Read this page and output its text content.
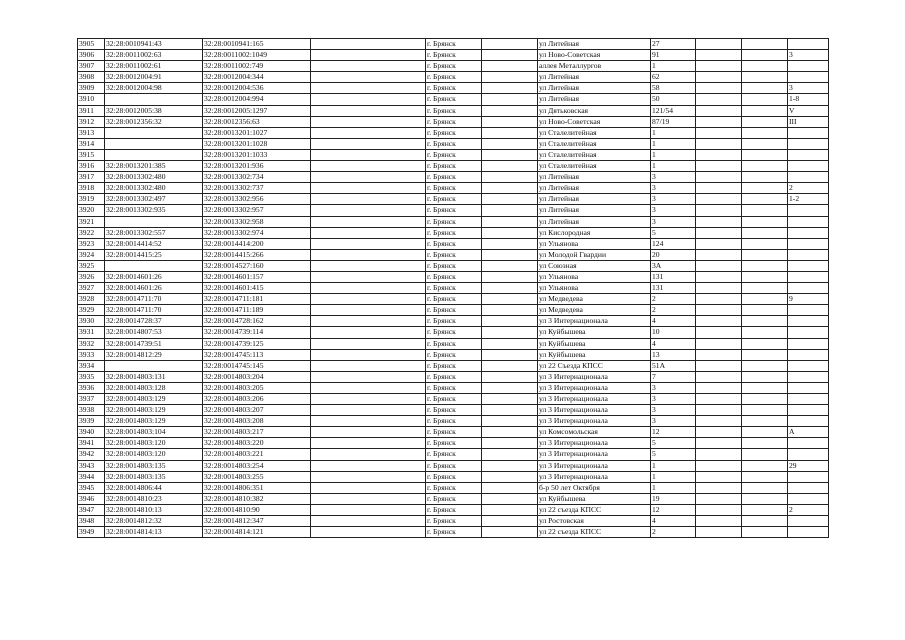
3905	32:28:0010941:43	32:28:0010941:165		г. Брянск		ул Литейная	27			
3906	32:28:0011002:63	32:28:0011002:1049		г. Брянск		ул Ново-Советская	91			3
3907	32:28:0011002:61	32:28:0011002:749		г. Брянск		аллея Металлургов	1			
3908	32:28:0012004:91	32:28:0012004:344		г. Брянск		ул Литейная	62			
3909	32:28:0012004:98	32:28:0012004:536		г. Брянск		ул Литейная	58			3
3910		32:28:0012004:994		г. Брянск		ул Литейная	50			1-8
3911	32:28:0012005:38	32:28:0012005:1297		г. Брянск		ул Дятьковская	121/54			V
3912	32:28:0012356:32	32:28:0012356:63		г. Брянск		ул Ново-Советская	87/19			III
3913		32:28:0013201:1027		г. Брянск		ул Сталелитейная	1			
3914		32:28:0013201:1028		г. Брянск		ул Сталелитейная	1			
3915		32:28:0013201:1033		г. Брянск		ул Сталелитейная	1			
3916	32:28:0013201:385	32:28:0013201:936		г. Брянск		ул Сталелитейная	1			
3917	32:28:0013302:480	32:28:0013302:734		г. Брянск		ул Литейная	3			
3918	32:28:0013302:480	32:28:0013302:737		г. Брянск		ул Литейная	3			2
3919	32:28:0013302:497	32:28:0013302:956		г. Брянск		ул Литейная	3			1-2
3920	32:28:0013302:935	32:28:0013302:957		г. Брянск		ул Литейная	3			
3921		32:28:0013302:958		г. Брянск		ул Литейная	3			
3922	32:28:0013302:557	32:28:0013302:974		г. Брянск		ул Кислородная	5			
3923	32:28:0014414:52	32:28:0014414:200		г. Брянск		ул Ульянова	124			
3924	32:28:0014415:25	32:28:0014415:266		г. Брянск		ул Молодой Гвардии	20			
3925		32:28:0014527:160		г. Брянск		ул Союзная	3А			
3926	32:28:0014601:26	32:28:0014601:157		г. Брянск		ул Ульянова	131			
3927	32:28:0014601:26	32:28:0014601:415		г. Брянск		ул Ульянова	131			
3928	32:28:0014711:70	32:28:0014711:181		г. Брянск		ул Медведева	2			9
3929	32:28:0014711:70	32:28:0014711:189		г. Брянск		ул Медведева	2			
3930	32:28:0014728:37	32:28:0014728:162		г. Брянск		ул 3 Интернационала	4			
3931	32:28:0014807:53	32:28:0014739:114		г. Брянск		ул Куйбышева	10			
3932	32:28:0014739:51	32:28:0014739:125		г. Брянск		ул Куйбышева	4			
3933	32:28:0014812:29	32:28:0014745:113		г. Брянск		ул Куйбышева	13			
3934		32:28:0014745:145		г. Брянск		ул 22 Съезда КПСС	51А			
3935	32:28:0014803:131	32:28:0014803:204		г. Брянск		ул 3 Интернационала	7			
3936	32:28:0014803:128	32:28:0014803:205		г. Брянск		ул 3 Интернационала	3			
3937	32:28:0014803:129	32:28:0014803:206		г. Брянск		ул 3 Интернационала	3			
3938	32:28:0014803:129	32:28:0014803:207		г. Брянск		ул 3 Интернационала	3			
3939	32:28:0014803:129	32:28:0014803:208		г. Брянск		ул 3 Интернационала	3			
3940	32:28:0014803:104	32:28:0014803:217		г. Брянск		ул Комсомольская	12			А
3941	32:28:0014803:120	32:28:0014803:220		г. Брянск		ул 3 Интернационала	5			
3942	32:28:0014803:120	32:28:0014803:221		г. Брянск		ул 3 Интернационала	5			
3943	32:28:0014803:135	32:28:0014803:254		г. Брянск		ул 3 Интернационала	1			29
3944	32:28:0014803:135	32:28:0014803:255		г. Брянск		ул 3 Интернационала	1			
3945	32:28:0014806:44	32:28:0014806:351		г. Брянск		б-р 50 лет Октября	1			
3946	32:28:0014810:23	32:28:0014810:382		г. Брянск		ул Куйбышева	19			
3947	32:28:0014810:13	32:28:0014810:90		г. Брянск		ул 22 съезда КПСС	12			2
3948	32:28:0014812:32	32:28:0014812:347		г. Брянск		ул Ростовская	4			
3949	32:28:0014814:13	32:28:0014814:121		г. Брянск		ул 22 съезда КПСС	2			
